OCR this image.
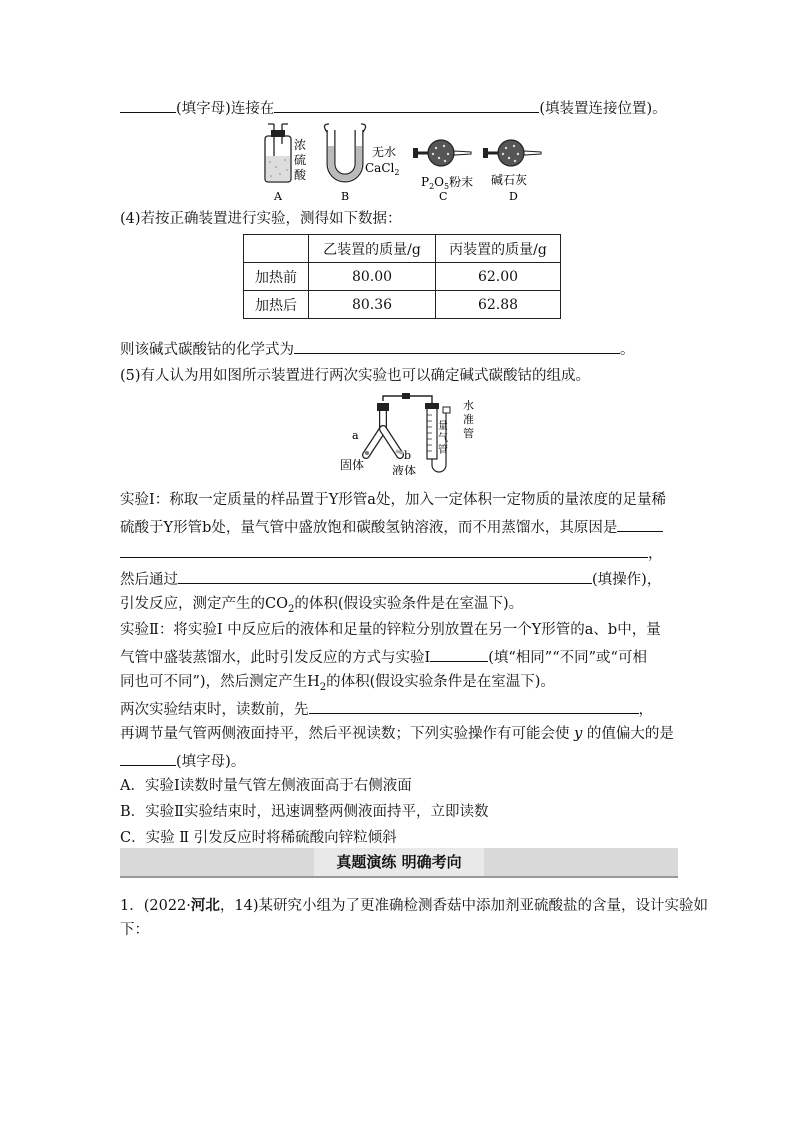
(填字母)连接在	(填装置连接位置)。
浓
硫
酸
A
无水
CaCl$_2$
B
$P_2O_5$粉末
C
碱石灰
D
(4)若按正确装置进行实验，测得如下数据：
	乙装置的质量/g	丙装置的质量/g
加热前	80.00	62.00
加热后	80.36	62.88
则该碱式碳酸钴的化学式为	。
(5)有人认为用如图所示装置进行两次实验也可以确定碱式碳酸钴的组成。
a
b
固体 液体
水
准
管
量
气
管
实验Ⅰ：称取一定质量的样品置于Y形管a处，加入一定体积一定物质的量浓度的足量稀
硫酸于Y形管b处，量气管中盛放饱和碳酸氢钠溶液，而不用蒸馏水，其原因是
，
然后通过	(填操作)，
引发反应，测定产生的$CO_2$的体积(假设实验条件是在室温下)。
实验Ⅱ：将实验Ⅰ 中反应后的液体和足量的锌粒分别放置在另一个Y形管的a、b中，量
气管中盛装蒸馏水，此时引发反应的方式与实验Ⅰ	(填“相同”“不同”或“可相
同也可不同”)，然后测定产生$H_2$的体积(假设实验条件是在室温下)。
两次实验结束时，读数前，先	，
再调节量气管两侧液面持平，然后平视读数；下列实验操作有可能会使 y 的值偏大的是
(填字母)。
A．实验Ⅰ读数时量气管左侧液面高于右侧液面
B．实验Ⅱ实验结束时，迅速调整两侧液面持平，立即读数
C．实验 Ⅱ 引发反应时将稀硫酸向锌粒倾斜
真题演练 明确考向
1．(2022·河北，14)某研究小组为了更准确检测香菇中添加剂亚硫酸盐的含量，设计实验如
下：
